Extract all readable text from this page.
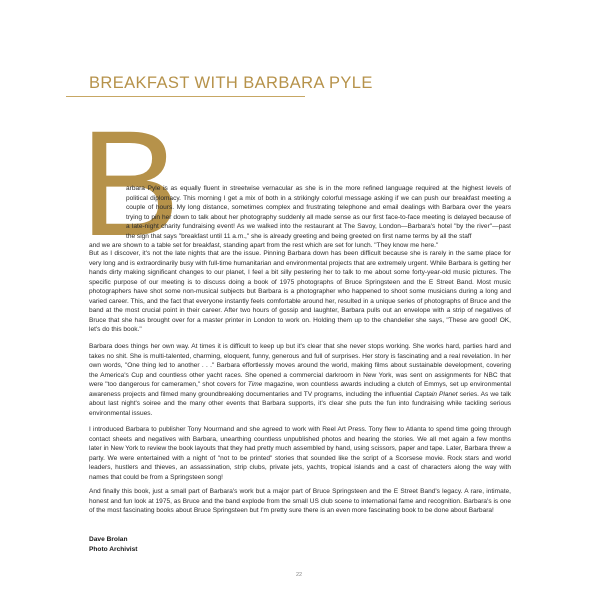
BREAKFAST WITH BARBARA PYLE
B
arbara Pyle is as equally fluent in streetwise vernacular as she is in the more refined language required at the highest levels of political diplomacy. This morning I get a mix of both in a strikingly colorful message asking if we can push our breakfast meeting a couple of hours. My long distance, sometimes complex and frustrating telephone and email dealings with Barbara over the years trying to pin her down to talk about her photography suddenly all made sense as our first face-to-face meeting is delayed because of a late-night charity fundraising event! As we walked into the restaurant at The Savoy, London—Barbara's hotel "by the river"—past the sign that says "breakfast until 11 a.m.," she is already greeting and being greeted on first name terms by all the staff
and we are shown to a table set for breakfast, standing apart from the rest which are set for lunch. "They know me here."
But as I discover, it's not the late nights that are the issue. Pinning Barbara down has been difficult because she is rarely in the same place for very long and is extraordinarily busy with full-time humanitarian and environmental projects that are extremely urgent. While Barbara is getting her hands dirty making significant changes to our planet, I feel a bit silly pestering her to talk to me about some forty-year-old music pictures. The specific purpose of our meeting is to discuss doing a book of 1975 photographs of Bruce Springsteen and the E Street Band. Most music photographers have shot some non-musical subjects but Barbara is a photographer who happened to shoot some musicians during a long and varied career. This, and the fact that everyone instantly feels comfortable around her, resulted in a unique series of photographs of Bruce and the band at the most crucial point in their career. After two hours of gossip and laughter, Barbara pulls out an envelope with a strip of negatives of Bruce that she has brought over for a master printer in London to work on. Holding them up to the chandelier she says, "These are good! OK, let's do this book."
Barbara does things her own way. At times it is difficult to keep up but it's clear that she never stops working. She works hard, parties hard and takes no shit. She is multi-talented, charming, eloquent, funny, generous and full of surprises. Her story is fascinating and a real revelation. In her own words, "One thing led to another . . ." Barbara effortlessly moves around the world, making films about sustainable development, covering the America's Cup and countless other yacht races. She opened a commercial darkroom in New York, was sent on assignments for NBC that were "too dangerous for cameramen," shot covers for Time magazine, won countless awards including a clutch of Emmys, set up environmental awareness projects and filmed many groundbreaking documentaries and TV programs, including the influential Captain Planet series. As we talk about last night's soiree and the many other events that Barbara supports, it's clear she puts the fun into fundraising while tackling serious environmental issues.
I introduced Barbara to publisher Tony Nourmand and she agreed to work with Reel Art Press. Tony flew to Atlanta to spend time going through contact sheets and negatives with Barbara, unearthing countless unpublished photos and hearing the stories. We all met again a few months later in New York to review the book layouts that they had pretty much assembled by hand, using scissors, paper and tape. Later, Barbara threw a party. We were entertained with a night of "not to be printed" stories that sounded like the script of a Scorsese movie. Rock stars and world leaders, hustlers and thieves, an assassination, strip clubs, private jets, yachts, tropical islands and a cast of characters along the way with names that could be from a Springsteen song!
And finally this book, just a small part of Barbara's work but a major part of Bruce Springsteen and the E Street Band's legacy. A rare, intimate, honest and fun look at 1975, as Bruce and the band explode from the small US club scene to international fame and recognition. Barbara's is one of the most fascinating books about Bruce Springsteen but I'm pretty sure there is an even more fascinating book to be done about Barbara!
Dave Brolan
Photo Archivist
22
